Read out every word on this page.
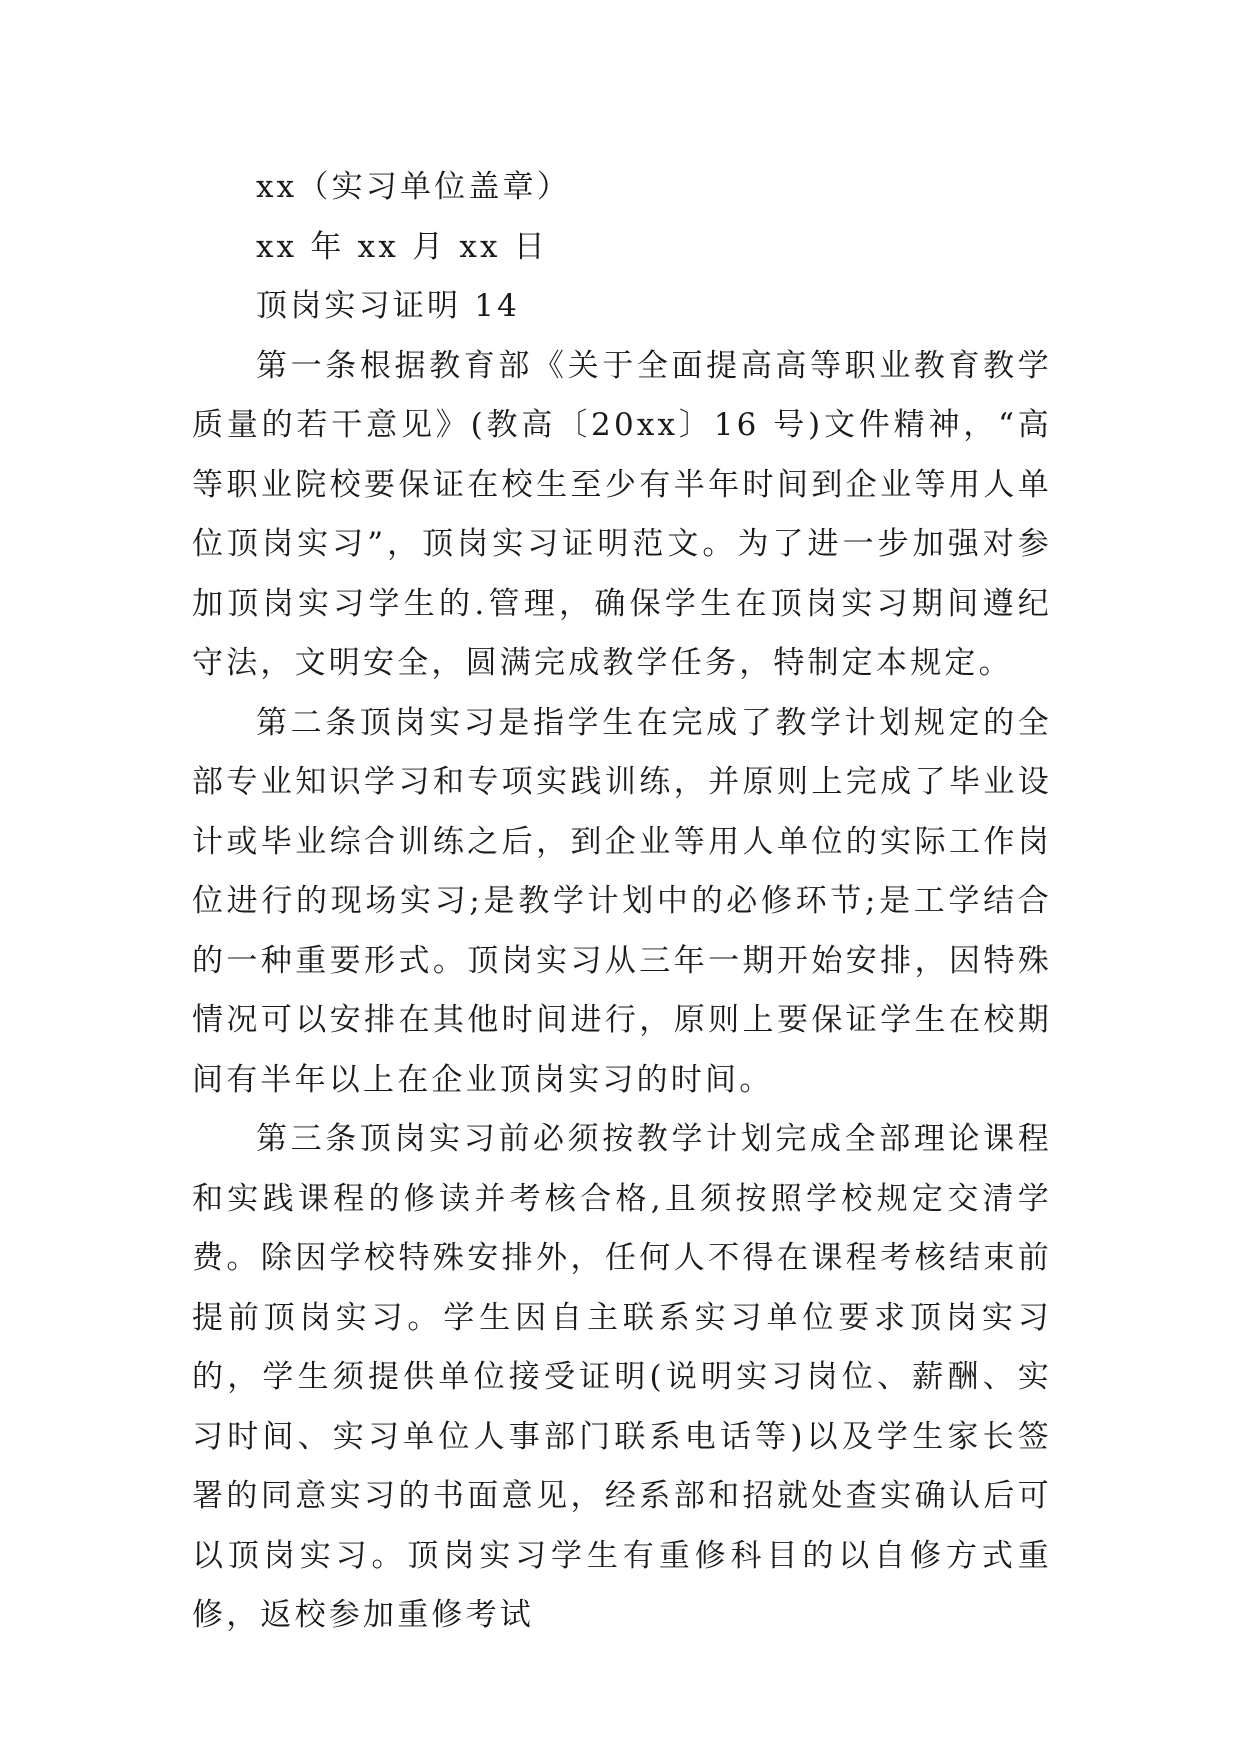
xx（实习单位盖章）

xx 年 xx 月 xx 日

顶岗实习证明 14

第一条根据教育部《关于全面提高高等职业教育教学质量的若干意见》(教高〔20xx〕16 号)文件精神，“高等职业院校要保证在校生至少有半年时间到企业等用人单位顶岗实习”，顶岗实习证明范文。为了进一步加强对参加顶岗实习学生的.管理，确保学生在顶岗实习期间遵纪守法，文明安全，圆满完成教学任务，特制定本规定。

第二条顶岗实习是指学生在完成了教学计划规定的全部专业知识学习和专项实践训练，并原则上完成了毕业设计或毕业综合训练之后，到企业等用人单位的实际工作岗位进行的现场实习;是教学计划中的必修环节;是工学结合的一种重要形式。顶岗实习从三年一期开始安排，因特殊情况可以安排在其他时间进行，原则上要保证学生在校期间有半年以上在企业顶岗实习的时间。

第三条顶岗实习前必须按教学计划完成全部理论课程和实践课程的修读并考核合格,且须按照学校规定交清学费。除因学校特殊安排外，任何人不得在课程考核结束前提前顶岗实习。学生因自主联系实习单位要求顶岗实习的，学生须提供单位接受证明(说明实习岗位、薪酬、实习时间、实习单位人事部门联系电话等)以及学生家长签署的同意实习的书面意见，经系部和招就处查实确认后可以顶岗实习。顶岗实习学生有重修科目的以自修方式重修，返校参加重修考试
